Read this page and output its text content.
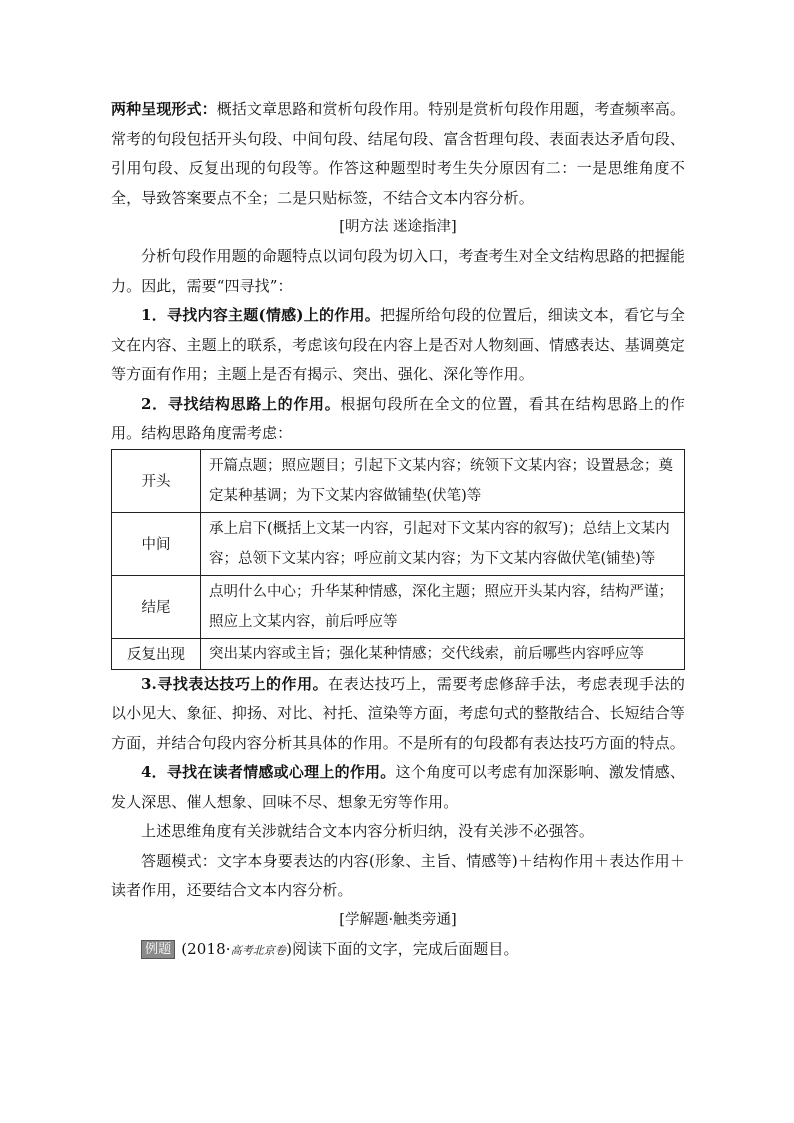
两种呈现形式：概括文章思路和赏析句段作用。特别是赏析句段作用题，考查频率高。常考的句段包括开头句段、中间句段、结尾句段、富含哲理句段、表面表达矛盾句段、引用句段、反复出现的句段等。作答这种题型时考生失分原因有二：一是思维角度不全，导致答案要点不全；二是只贴标签，不结合文本内容分析。

[明方法 迷途指津]

分析句段作用题的命题特点以词句段为切入口，考查考生对全文结构思路的把握能力。因此，需要“四寻找”：

1．寻找内容主题(情感)上的作用。把握所给句段的位置后，细读文本，看它与全文在内容、主题上的联系，考虑该句段在内容上是否对人物刻画、情感表达、基调奠定等方面有作用；主题上是否有揭示、突出、强化、深化等作用。

2．寻找结构思路上的作用。根据句段所在全文的位置，看其在结构思路上的作用。结构思路角度需考虑：

开头	开篇点题；照应题目；引起下文某内容；统领下文某内容；设置悬念；奠定某种基调；为下文某内容做铺垫(伏笔)等
中间	承上启下(概括上文某一内容，引起对下文某内容的叙写)；总结上文某内容；总领下文某内容；呼应前文某内容；为下文某内容做伏笔(铺垫)等
结尾	点明什么中心；升华某种情感，深化主题；照应开头某内容，结构严谨；照应上文某内容，前后呼应等
反复出现	突出某内容或主旨；强化某种情感；交代线索，前后哪些内容呼应等

3.寻找表达技巧上的作用。在表达技巧上，需要考虑修辞手法，考虑表现手法的以小见大、象征、抑扬、对比、衬托、渲染等方面，考虑句式的整散结合、长短结合等方面，并结合句段内容分析其具体的作用。不是所有的句段都有表达技巧方面的特点。

4．寻找在读者情感或心理上的作用。这个角度可以考虑有加深影响、激发情感、发人深思、催人想象、回味不尽、想象无穷等作用。

上述思维角度有关涉就结合文本内容分析归纳，没有关涉不必强答。

答题模式：文字本身要表达的内容(形象、主旨、情感等)＋结构作用＋表达作用＋读者作用，还要结合文本内容分析。

[学解题·触类旁通]

例题 (2018·高考北京卷)阅读下面的文字，完成后面题目。
